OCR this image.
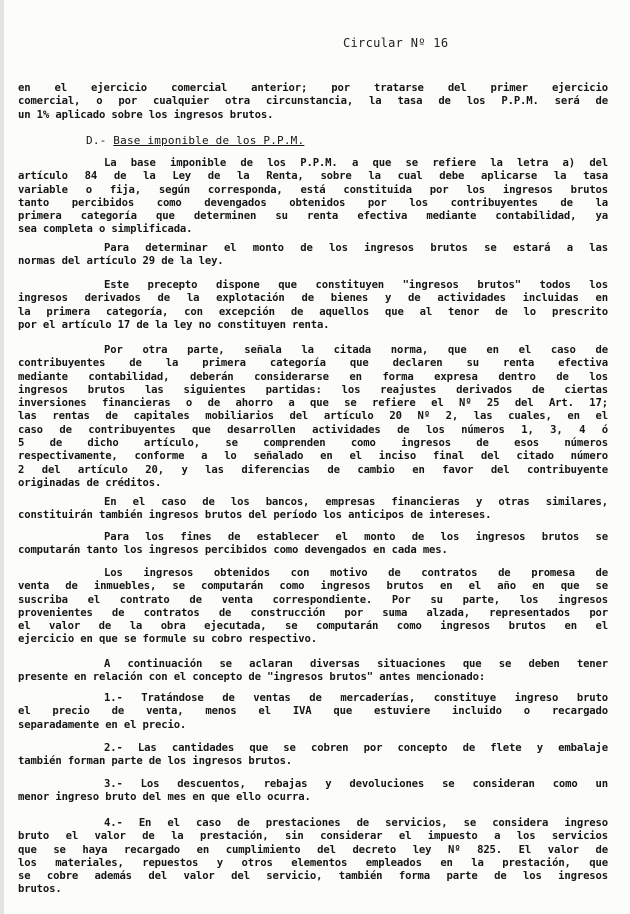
Circular Nº 16
en el ejercicio comercial anterior; por tratarse del primer ejercicio
comercial, o por cualquier otra circunstancia, la tasa de los P.P.M. será de
un 1% aplicado sobre los ingresos brutos.
D.- Base imponible de los P.P.M.
La base imponible de los P.P.M. a que se refiere la letra a) del
artículo 84 de la Ley de la Renta, sobre la cual debe aplicarse la tasa
variable o fija, según corresponda, está constituida por los ingresos brutos
tanto percibidos como devengados obtenidos por los contribuyentes de la
primera categoría que determinen su renta efectiva mediante contabilidad, ya
sea completa o simplificada.
Para determinar el monto de los ingresos brutos se estará a las
normas del artículo 29 de la ley.
Este precepto dispone que constituyen "ingresos brutos" todos los
ingresos derivados de la explotación de bienes y de actividades incluidas en
la primera categoría, con excepción de aquellos que al tenor de lo prescrito
por el artículo 17 de la ley no constituyen renta.
Por otra parte, señala la citada norma, que en el caso de
contribuyentes de la primera categoría que declaren su renta efectiva
mediante contabilidad, deberán considerarse en forma expresa dentro de los
ingresos brutos las siguientes partidas: los reajustes derivados de ciertas
inversiones financieras o de ahorro a que se refiere el Nº 25 del Art. 17;
las rentas de capitales mobiliarios del artículo 20 Nº 2, las cuales, en el
caso de contribuyentes que desarrollen actividades de los números 1, 3, 4 ó
5 de dicho artículo, se comprenden como ingresos de esos números
respectivamente, conforme a lo señalado en el inciso final del citado número
2 del artículo 20, y las diferencias de cambio en favor del contribuyente
originadas de créditos.
En el caso de los bancos, empresas financieras y otras similares,
constituirán también ingresos brutos del período los anticipos de intereses.
Para los fines de establecer el monto de los ingresos brutos se
computarán tanto los ingresos percibidos como devengados en cada mes.
Los ingresos obtenidos con motivo de contratos de promesa de
venta de inmuebles, se computarán como ingresos brutos en el año en que se
suscriba el contrato de venta correspondiente. Por su parte, los ingresos
provenientes de contratos de construcción por suma alzada, representados por
el valor de la obra ejecutada, se computarán como ingresos brutos en el
ejercicio en que se formule su cobro respectivo.
A continuación se aclaran diversas situaciones que se deben tener
presente en relación con el concepto de "ingresos brutos" antes mencionado:
1.- Tratándose de ventas de mercaderías, constituye ingreso bruto
el precio de venta, menos el IVA que estuviere incluido o recargado
separadamente en el precio.
2.- Las cantidades que se cobren por concepto de flete y embalaje
también forman parte de los ingresos brutos.
3.- Los descuentos, rebajas y devoluciones se consideran como un
menor ingreso bruto del mes en que ello ocurra.
4.- En el caso de prestaciones de servicios, se considera ingreso
bruto el valor de la prestación, sin considerar el impuesto a los servicios
que se haya recargado en cumplimiento del decreto ley Nº 825. El valor de
los materiales, repuestos y otros elementos empleados en la prestación, que
se cobre además del valor del servicio, también forma parte de los ingresos
brutos.
